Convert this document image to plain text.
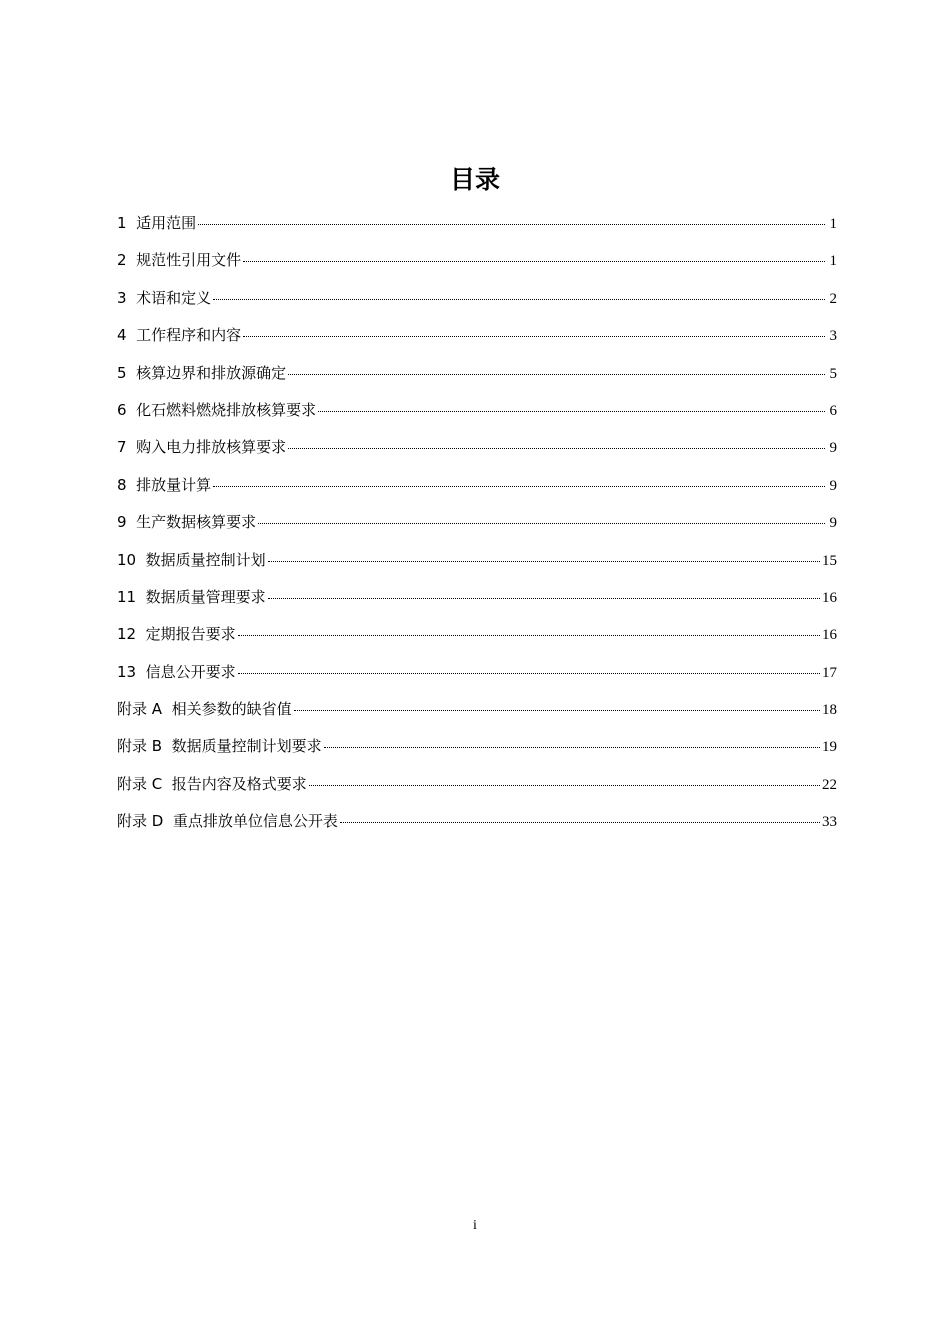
目录
1  适用范围	1
2  规范性引用文件	1
3  术语和定义	2
4  工作程序和内容	3
5  核算边界和排放源确定	5
6  化石燃料燃烧排放核算要求	6
7  购入电力排放核算要求	9
8  排放量计算	9
9  生产数据核算要求	9
10  数据质量控制计划	15
11  数据质量管理要求	16
12  定期报告要求	16
13  信息公开要求	17
附录 A  相关参数的缺省值	18
附录 B  数据质量控制计划要求	19
附录 C  报告内容及格式要求	22
附录 D  重点排放单位信息公开表	33
i
